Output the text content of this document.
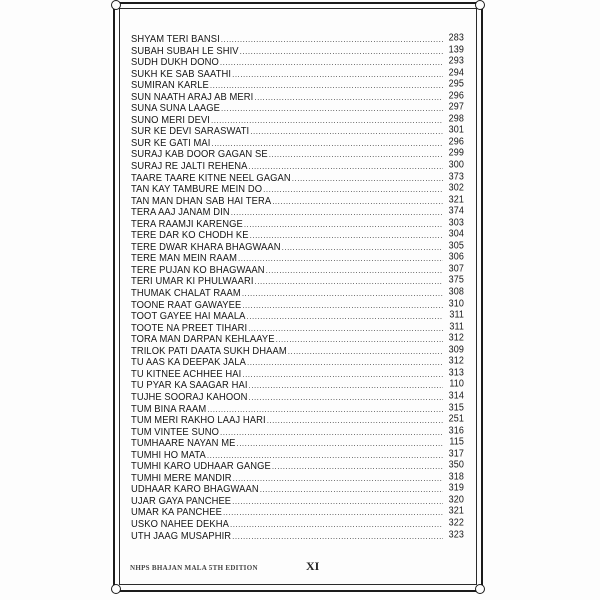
SHYAM TERI BANSI .....	283
SUBAH SUBAH LE SHIV .....	139
SUDH DUKH DONO .....	293
SUKH KE SAB SAATHI .....	294
SUMIRAN KARLE .....	295
SUN NAATH ARAJ AB MERI .....	296
SUNA SUNA LAAGE .....	297
SUNO MERI DEVI .....	298
SUR KE DEVI SARASWATI .....	301
SUR KE GATI MAI .....	296
SURAJ KAB DOOR GAGAN SE .....	299
SURAJ RE JALTI REHENA .....	300
TAARE TAARE KITNE NEEL GAGAN .....	373
TAN KAY TAMBURE MEIN DO .....	302
TAN MAN DHAN SAB HAI TERA .....	321
TERA AAJ JANAM DIN .....	374
TERA RAAMJI KARENGE .....	303
TERE DAR KO CHODH KE .....	304
TERE DWAR KHARA BHAGWAAN .....	305
TERE MAN MEIN RAAM .....	306
TERE PUJAN KO BHAGWAAN .....	307
TERI UMAR KI PHULWAARI .....	375
THUMAK CHALAT RAAM .....	308
TOONE RAAT GAWAYEE .....	310
TOOT GAYEE HAI MAALA .....	311
TOOTE NA PREET TIHARI .....	311
TORA MAN DARPAN KEHLAAYE .....	312
TRILOK PATI DAATA SUKH DHAAM .....	309
TU AAS KA DEEPAK JALA .....	312
TU KITNEE ACHHEE HAI .....	313
TU PYAR KA SAAGAR HAI .....	110
TUJHE SOORAJ KAHOON .....	314
TUM BINA RAAM .....	315
TUM MERI RAKHO LAAJ HARI .....	251
TUM VINTEE SUNO .....	316
TUMHAARE NAYAN ME .....	115
TUMHI HO MATA .....	317
TUMHI KARO UDHAAR GANGE .....	350
TUMHI MERE MANDIR .....	318
UDHAAR KARO BHAGWAAN .....	319
UJAR GAYA PANCHEE .....	320
UMAR KA PANCHEE .....	321
USKO NAHEE DEKHA .....	322
UTH JAAG MUSAPHIR .....	323
NHPS BHAJAN MALA 5TH EDITION	XI
